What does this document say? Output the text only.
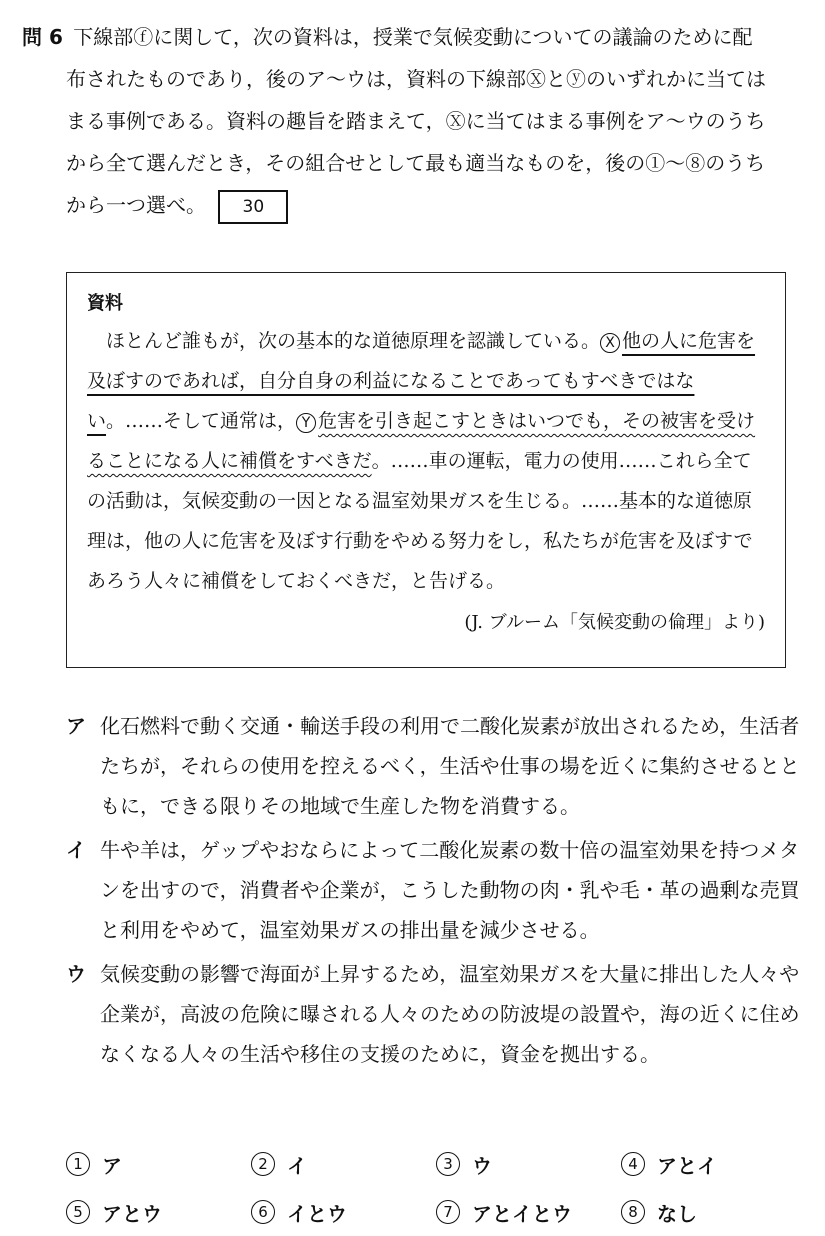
問 6 下線部ⓕに関して，次の資料は，授業で気候変動についての議論のために配
布されたものであり，後のア～ウは，資料の下線部Ⓧとⓨのいずれかに当ては
まる事例である。資料の趣旨を踏まえて，Ⓧに当てはまる事例をア～ウのうち
から全て選んだとき，その組合せとして最も適当なものを，後の①～⑧のうち
から一つ選べ。 30
資料
ほとんど誰もが，次の基本的な道徳原理を認識している。 X 他の人に危害を及ぼすのであれば，自分自身の利益になることであってもすべきではない。……そして通常は， Y 危害を引き起こすときはいつでも，その被害を受けることになる人に補償をすべきだ。……車の運転，電力の使用……これら全ての活動は，気候変動の一因となる温室効果ガスを生じる。……基本的な道徳原理は，他の人に危害を及ぼす行動をやめる努力をし，私たちが危害を及ぼすであろう人々に補償をしておくべきだ，と告げる。
(J. ブルーム「気候変動の倫理」より)
ア 化石燃料で動く交通・輸送手段の利用で二酸化炭素が放出されるため，生活者たちが，それらの使用を控えるべく，生活や仕事の場を近くに集約させるとともに，できる限りその地域で生産した物を消費する。
イ 牛や羊は，ゲップやおならによって二酸化炭素の数十倍の温室効果を持つメタンを出すので，消費者や企業が，こうした動物の肉・乳や毛・革の過剰な売買と利用をやめて，温室効果ガスの排出量を減少させる。
ウ 気候変動の影響で海面が上昇するため，温室効果ガスを大量に排出した人々や企業が，高波の危険に曝される人々のための防波堤の設置や，海の近くに住めなくなる人々の生活や移住の支援のために，資金を拠出する。
1 ア	2 イ	3 ウ	4 アとイ
5 アとウ	6 イとウ	7 アとイとウ	8 なし
